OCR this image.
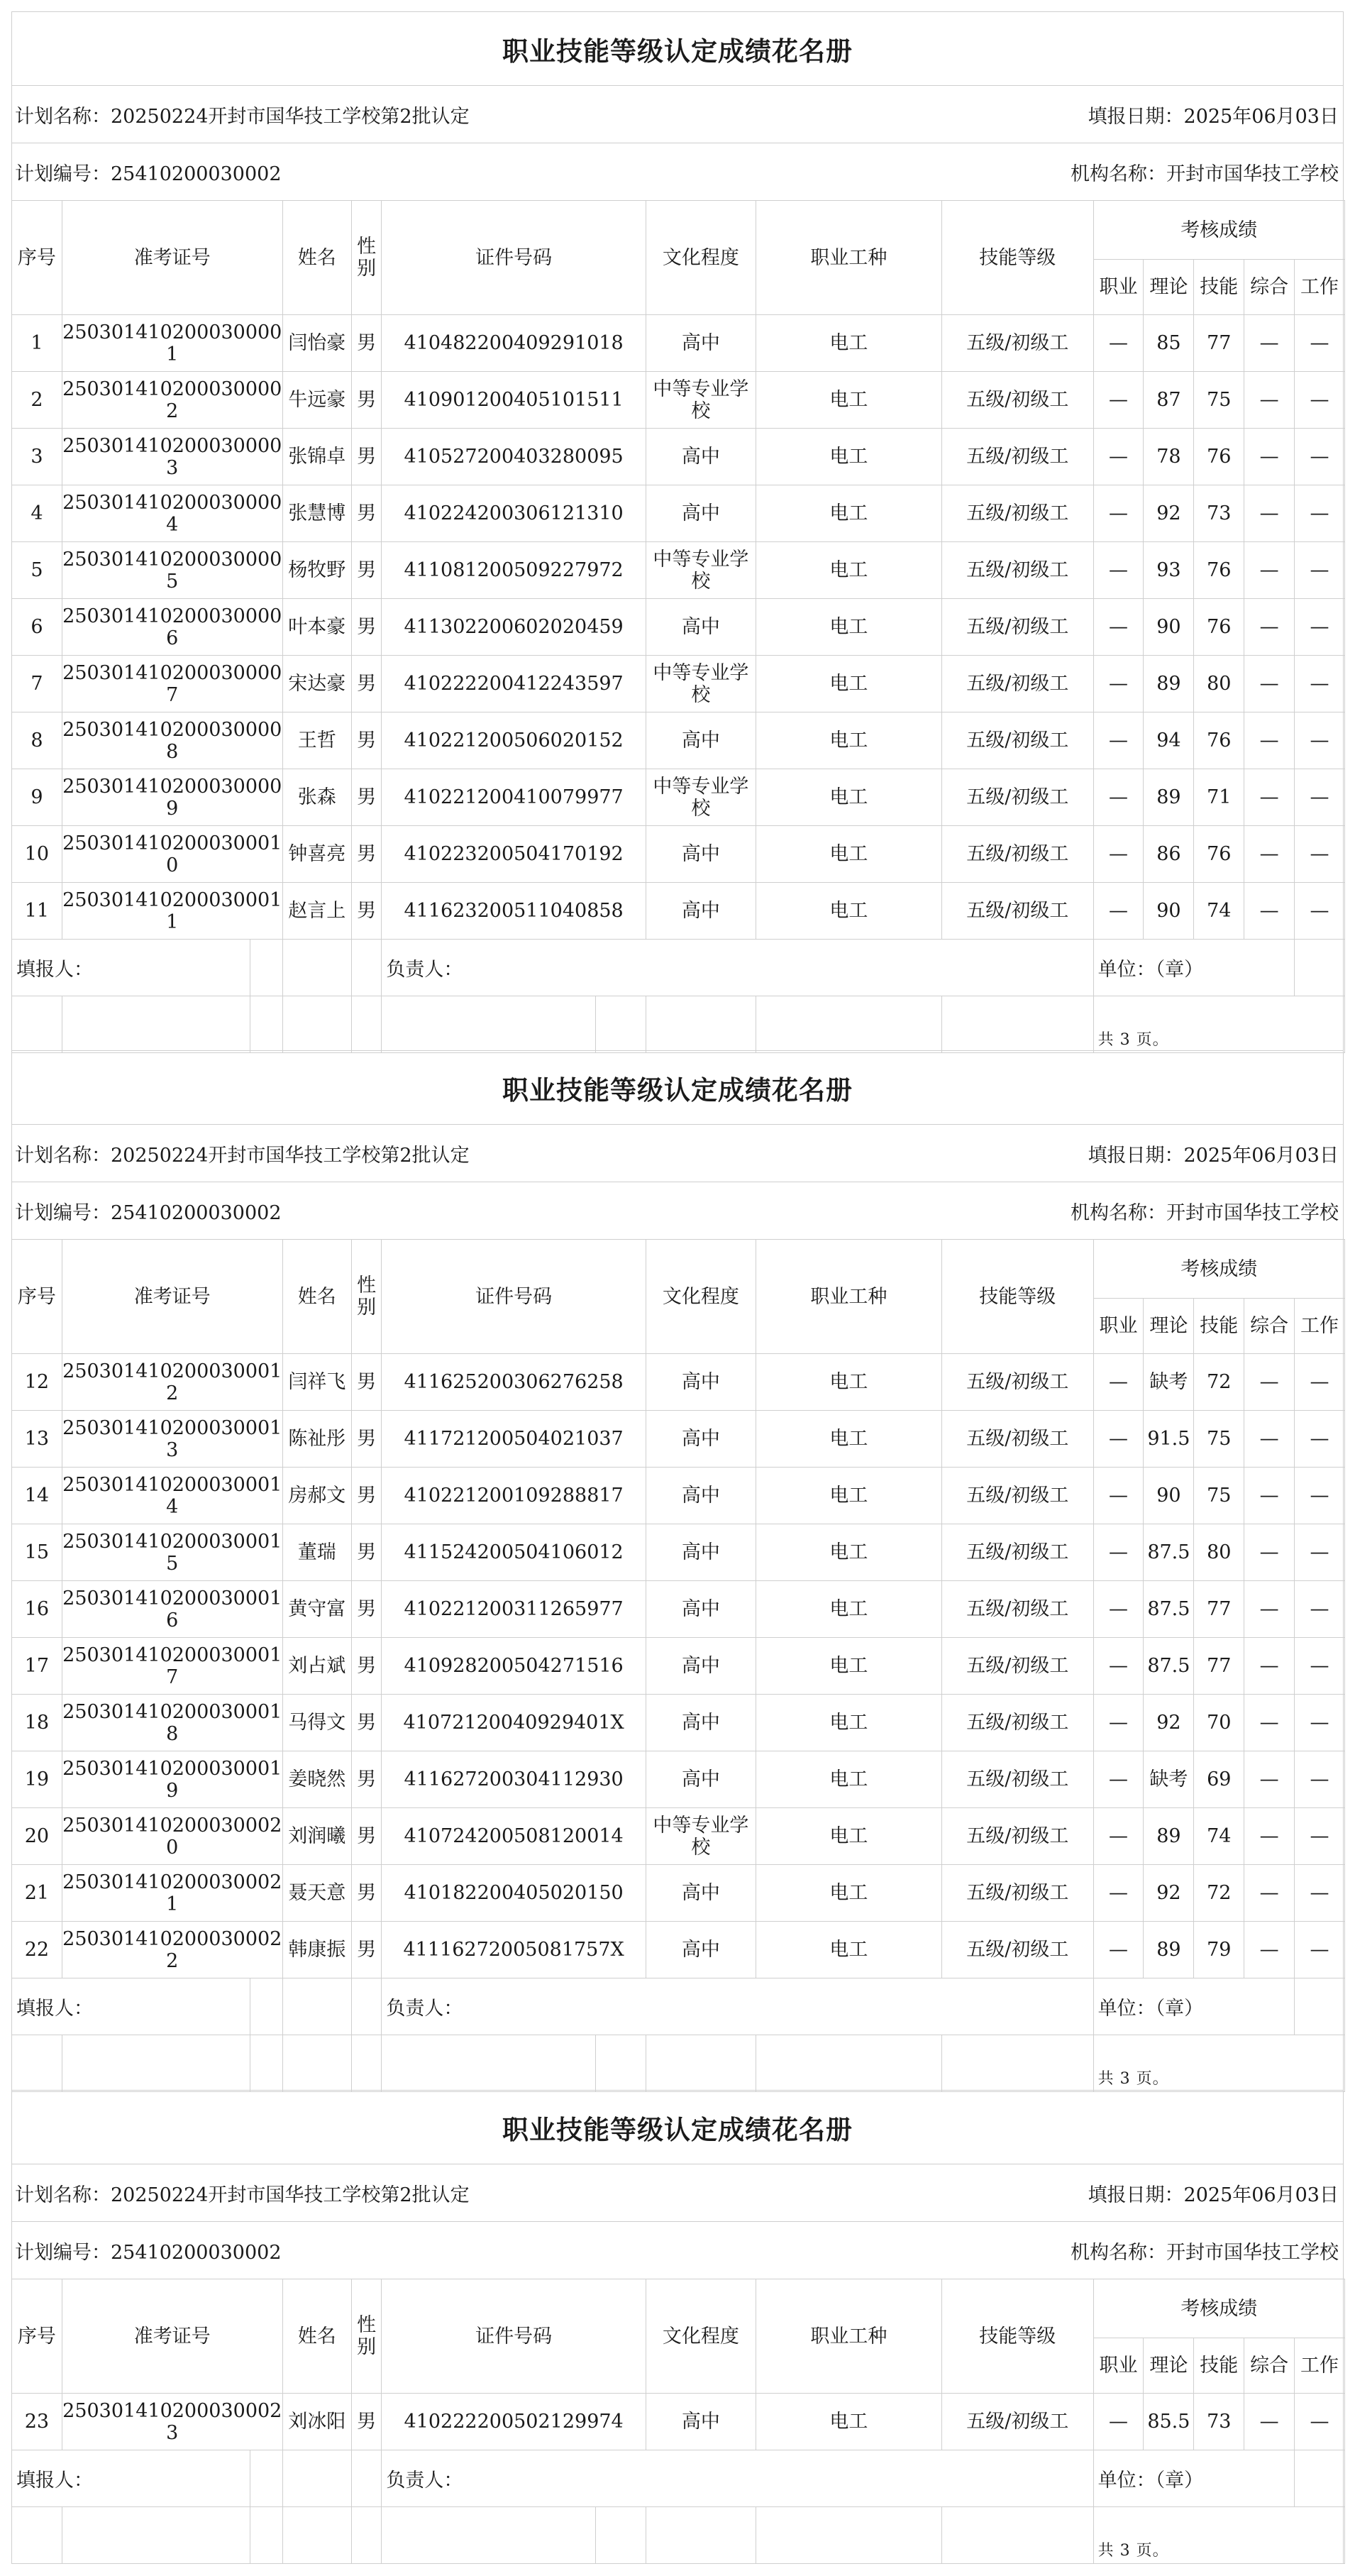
职业技能等级认定成绩花名册
计划名称：20250224开封市国华技工学校第2批认定	填报日期：2025年06月03日
计划编号：25410200030002	机构名称：开封市国华技工学校
序号	准考证号	姓名	性别	证件号码	文化程度	职业工种	技能等级	考核成绩				
								职业	理论	技能	综合	工作
1	2503014102000300001	闫怡豪	男	410482200409291018	高中	电工	五级/初级工	—	85	77	—	—
2	2503014102000300002	牛远豪	男	410901200405101511	中等专业学校	电工	五级/初级工	—	87	75	—	—
3	2503014102000300003	张锦卓	男	410527200403280095	高中	电工	五级/初级工	—	78	76	—	—
4	2503014102000300004	张慧博	男	410224200306121310	高中	电工	五级/初级工	—	92	73	—	—
5	2503014102000300005	杨牧野	男	411081200509227972	中等专业学校	电工	五级/初级工	—	93	76	—	—
6	2503014102000300006	叶本豪	男	411302200602020459	高中	电工	五级/初级工	—	90	76	—	—
7	2503014102000300007	宋达豪	男	410222200412243597	中等专业学校	电工	五级/初级工	—	89	80	—	—
8	2503014102000300008	王哲	男	410221200506020152	高中	电工	五级/初级工	—	94	76	—	—
9	2503014102000300009	张森	男	410221200410079977	中等专业学校	电工	五级/初级工	—	89	71	—	—
10	2503014102000300010	钟喜亮	男	410223200504170192	高中	电工	五级/初级工	—	86	76	—	—
11	2503014102000300011	赵言上	男	411623200511040858	高中	电工	五级/初级工	—	90	74	—	—
填报人：					负责人：					单位：（章）	
										共 3 页。	
职业技能等级认定成绩花名册
计划名称：20250224开封市国华技工学校第2批认定	填报日期：2025年06月03日
计划编号：25410200030002	机构名称：开封市国华技工学校
序号	准考证号	姓名	性别	证件号码	文化程度	职业工种	技能等级	考核成绩				
								职业	理论	技能	综合	工作
12	2503014102000300012	闫祥飞	男	411625200306276258	高中	电工	五级/初级工	—	缺考	72	—	—
13	2503014102000300013	陈祉彤	男	411721200504021037	高中	电工	五级/初级工	—	91.5	75	—	—
14	2503014102000300014	房郝文	男	410221200109288817	高中	电工	五级/初级工	—	90	75	—	—
15	2503014102000300015	董瑞	男	411524200504106012	高中	电工	五级/初级工	—	87.5	80	—	—
16	2503014102000300016	黄守富	男	410221200311265977	高中	电工	五级/初级工	—	87.5	77	—	—
17	2503014102000300017	刘占斌	男	410928200504271516	高中	电工	五级/初级工	—	87.5	77	—	—
18	2503014102000300018	马得文	男	41072120040929401X	高中	电工	五级/初级工	—	92	70	—	—
19	2503014102000300019	姜晓然	男	411627200304112930	高中	电工	五级/初级工	—	缺考	69	—	—
20	2503014102000300020	刘润曦	男	410724200508120014	中等专业学校	电工	五级/初级工	—	89	74	—	—
21	2503014102000300021	聂天意	男	410182200405020150	高中	电工	五级/初级工	—	92	72	—	—
22	2503014102000300022	韩康振	男	41116272005081757X	高中	电工	五级/初级工	—	89	79	—	—
填报人：					负责人：					单位：（章）	
										共 3 页。	
职业技能等级认定成绩花名册
计划名称：20250224开封市国华技工学校第2批认定	填报日期：2025年06月03日
计划编号：25410200030002	机构名称：开封市国华技工学校
序号	准考证号	姓名	性别	证件号码	文化程度	职业工种	技能等级	考核成绩				
								职业	理论	技能	综合	工作
23	2503014102000300023	刘冰阳	男	410222200502129974	高中	电工	五级/初级工	—	85.5	73	—	—
填报人：					负责人：					单位：（章）	
										共 3 页。	
